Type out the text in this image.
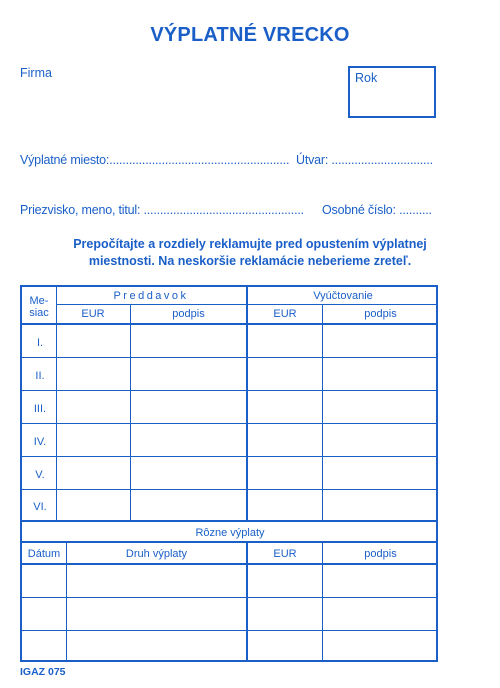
VÝPLATNÉ VRECKO
Firma	Rok
Výplatné miesto:....................................................... Útvar: ...............................
Priezvisko, meno, titul: ................................................. Osobné číslo: ..........
Prepočítajte a rozdiely reklamujte pred opustením výplatnej
miestnosti. Na neskoršie reklamácie neberieme zreteľ.
Me-
siac
Preddavok	Vyúčtovanie
EUR	podpis	EUR	podpis
I.
II.
III.
IV.
V.
VI.
Rôzne výplaty
Dátum	Druh výplaty	EUR	podpis
IGAZ 075
